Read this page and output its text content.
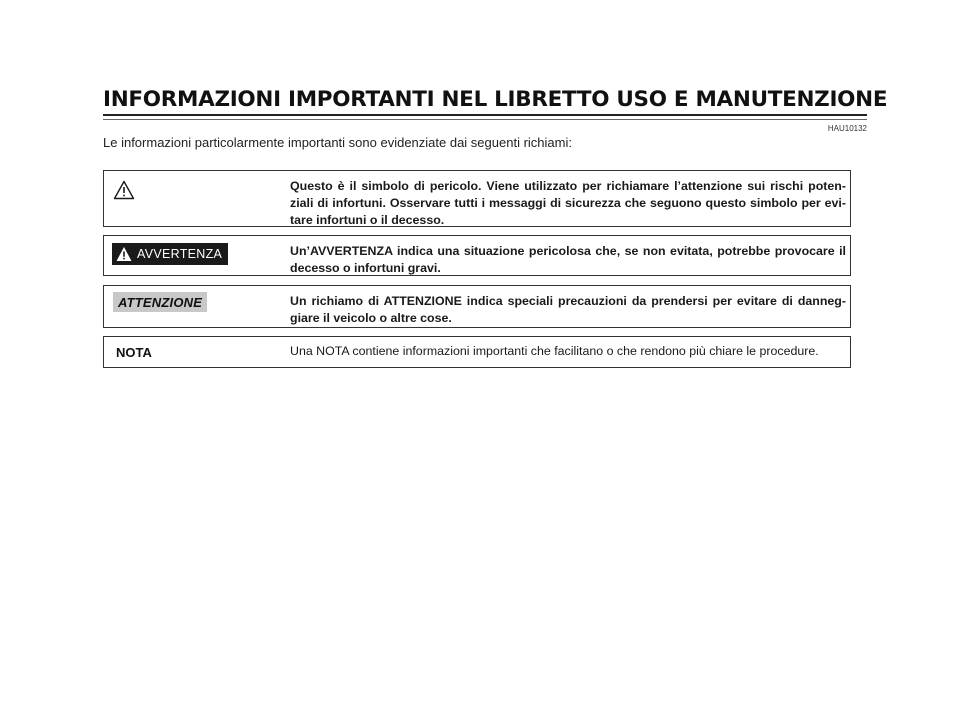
INFORMAZIONI IMPORTANTI NEL LIBRETTO USO E MANUTENZIONE
HAU10132
Le informazioni particolarmente importanti sono evidenziate dai seguenti richiami:
Questo è il simbolo di pericolo. Viene utilizzato per richiamare l’attenzione sui rischi poten-ziali di infortuni. Osservare tutti i messaggi di sicurezza che seguono questo simbolo per evi-tare infortuni o il decesso.
AVVERTENZA	Un’AVVERTENZA indica una situazione pericolosa che, se non evitata, potrebbe provocare il decesso o infortuni gravi.
ATTENZIONE	Un richiamo di ATTENZIONE indica speciali precauzioni da prendersi per evitare di danneg-giare il veicolo o altre cose.
NOTA	Una NOTA contiene informazioni importanti che facilitano o che rendono più chiare le procedure.
